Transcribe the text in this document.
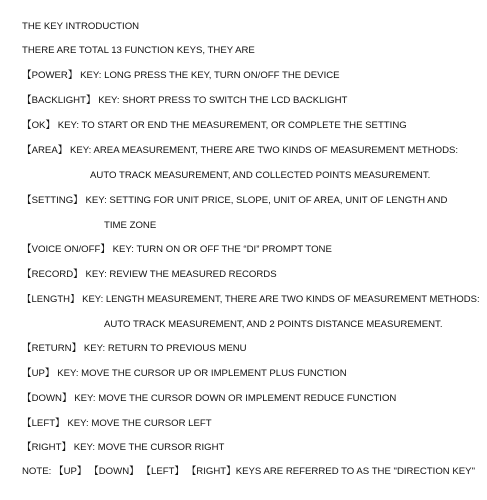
THE KEY INTRODUCTION
THERE ARE TOTAL 13 FUNCTION KEYS, THEY ARE
【POWER】 KEY: LONG PRESS THE KEY, TURN ON/OFF THE DEVICE
【BACKLIGHT】 KEY: SHORT PRESS TO SWITCH THE LCD BACKLIGHT
【OK】 KEY: TO START OR END THE MEASUREMENT, OR COMPLETE THE SETTING
【AREA】 KEY: AREA MEASUREMENT, THERE ARE TWO KINDS OF MEASUREMENT METHODS:
AUTO TRACK MEASUREMENT, AND COLLECTED POINTS MEASUREMENT.
【SETTING】 KEY: SETTING FOR UNIT PRICE, SLOPE, UNIT OF AREA, UNIT OF LENGTH AND
TIME ZONE
【VOICE ON/OFF】 KEY: TURN ON OR OFF THE “DI” PROMPT TONE
【RECORD】 KEY: REVIEW THE MEASURED RECORDS
【LENGTH】 KEY: LENGTH MEASUREMENT, THERE ARE TWO KINDS OF MEASUREMENT METHODS:
AUTO TRACK MEASUREMENT, AND 2 POINTS DISTANCE MEASUREMENT.
【RETURN】 KEY: RETURN TO PREVIOUS MENU
【UP】 KEY: MOVE THE CURSOR UP OR IMPLEMENT PLUS FUNCTION
【DOWN】 KEY: MOVE THE CURSOR DOWN OR IMPLEMENT REDUCE FUNCTION
【LEFT】 KEY: MOVE THE CURSOR LEFT
【RIGHT】 KEY: MOVE THE CURSOR RIGHT
NOTE: 【UP】 【DOWN】 【LEFT】 【RIGHT】KEYS ARE REFERRED TO AS THE "DIRECTION KEY"
